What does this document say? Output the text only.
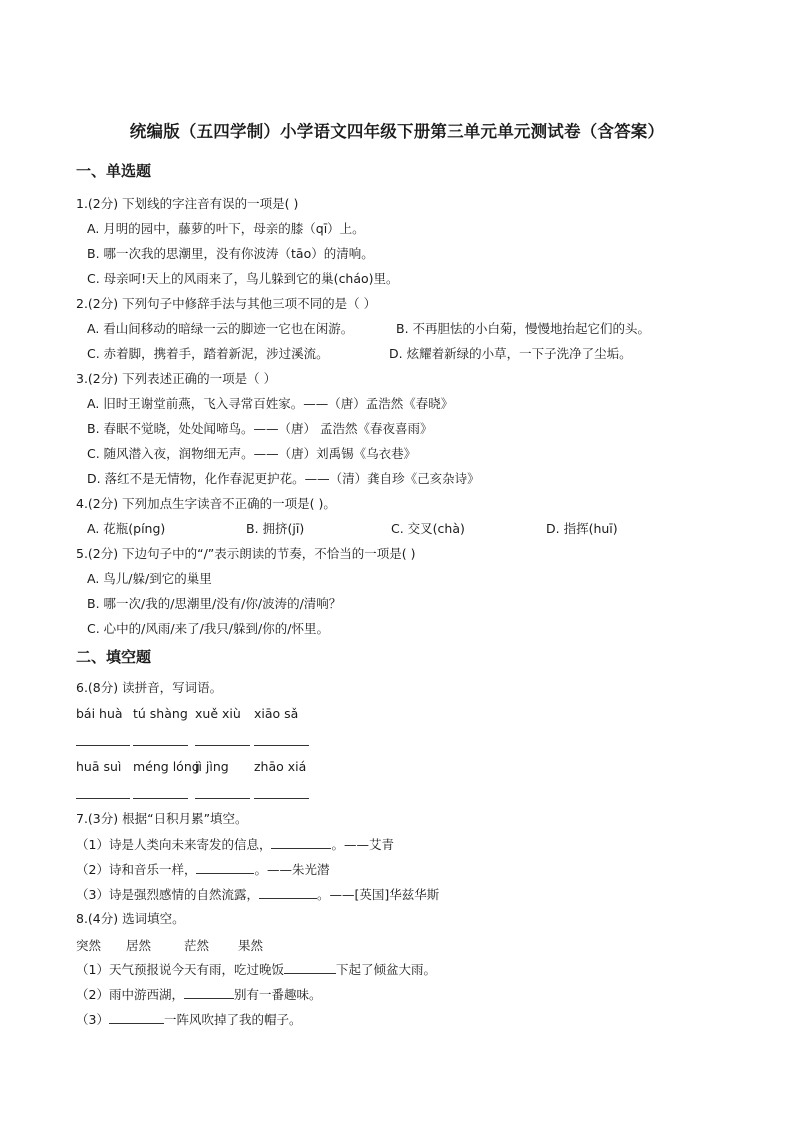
统编版（五四学制）小学语文四年级下册第三单元单元测试卷（含答案）
一、单选题
1.(2分) 下划线的字注音有误的一项是( )
A. 月明的园中，藤萝的叶下，母亲的膝（qī）上。
B. 哪一次我的思潮里，没有你波涛（tāo）的清响。
C. 母亲呵!天上的风雨来了，鸟儿躲到它的巢(cháo)里。
2.(2分) 下列句子中修辞手法与其他三项不同的是（ ）
A. 看山间移动的暗绿一云的脚迹一它也在闲游。	B. 不再胆怯的小白菊，慢慢地抬起它们的头。
C. 赤着脚，携着手，踏着新泥，涉过溪流。	D. 炫耀着新绿的小草，一下子洗净了尘垢。
3.(2分) 下列表述正确的一项是（ ）
A. 旧时王谢堂前燕，飞入寻常百姓家。——（唐）孟浩然《春晓》
B. 春眠不觉晓，处处闻啼鸟。——（唐） 孟浩然《春夜喜雨》
C. 随风潜入夜，润物细无声。——（唐）刘禹锡《乌衣巷》
D. 落红不是无情物，化作春泥更护花。——（清）龚自珍《己亥杂诗》
4.(2分) 下列加点生字读音不正确的一项是( )。
A. 花瓶(píng)	B. 拥挤(jī)	C. 交叉(chà)	D. 指挥(huī)
5.(2分) 下边句子中的“/”表示朗读的节奏，不恰当的一项是( )
A. 鸟儿/躲/到它的巢里
B. 哪一次/我的/思潮里/没有/你/波涛的/清响？
C. 心中的/风雨/来了/我只/躲到/你的/怀里。
二、填空题
6.(8分) 读拼音，写词语。
bái huà tú shàng xuě xiù xiāo sǎ
huā suì méng lóng
jì jìng zhāo xiá
7.(3分) 根据“日积月累”填空。
（1）诗是人类向未来寄发的信息，	。——艾青
（2）诗和音乐一样，	。——朱光潜
（3）诗是强烈感情的自然流露，	。——[英国]华兹华斯
8.(4分) 选词填空。
突然 居然	茫然 果然
（1）天气预报说今天有雨，吃过晚饭	下起了倾盆大雨。
（2）雨中游西湖，	别有一番趣味。
（3）	一阵风吹掉了我的帽子。
